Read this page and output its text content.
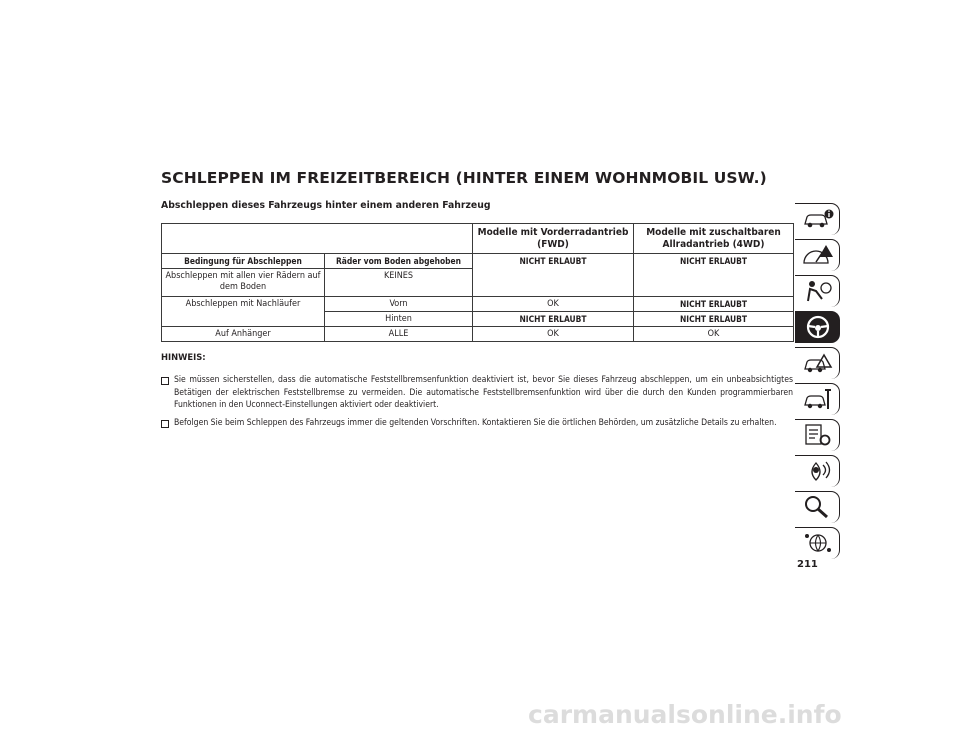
SCHLEPPEN IM FREIZEITBEREICH (HINTER EINEM WOHNMOBIL USW.)
Abschleppen dieses Fahrzeugs hinter einem anderen Fahrzeug
		Modelle mit Vorderradantrieb (FWD)	Modelle mit zuschaltbaren Allradantrieb (4WD)
Bedingung für Abschleppen	Räder vom Boden abgehoben	NICHT ERLAUBT	NICHT ERLAUBT
Abschleppen mit allen vier Rädern auf dem Boden	KEINES		
Abschleppen mit Nachläufer	Vorn	OK	NICHT ERLAUBT
	Hinten	NICHT ERLAUBT	NICHT ERLAUBT
Auf Anhänger	ALLE	OK	OK
HINWEIS:
Sie müssen sicherstellen, dass die automatische Feststellbremsenfunktion deaktiviert ist, bevor Sie dieses Fahrzeug abschleppen, um ein unbeabsichtigtes Betätigen der elektrischen Feststellbremse zu vermeiden. Die automatische Feststellbremsenfunktion wird über die durch den Kunden programmierbaren Funktionen in den Uconnect-Einstellungen aktiviert oder deaktiviert.
Befolgen Sie beim Schleppen des Fahrzeugs immer die geltenden Vorschriften. Kontaktieren Sie die örtlichen Behörden, um zusätzliche Details zu erhalten.
211
carmanualsonline.info
